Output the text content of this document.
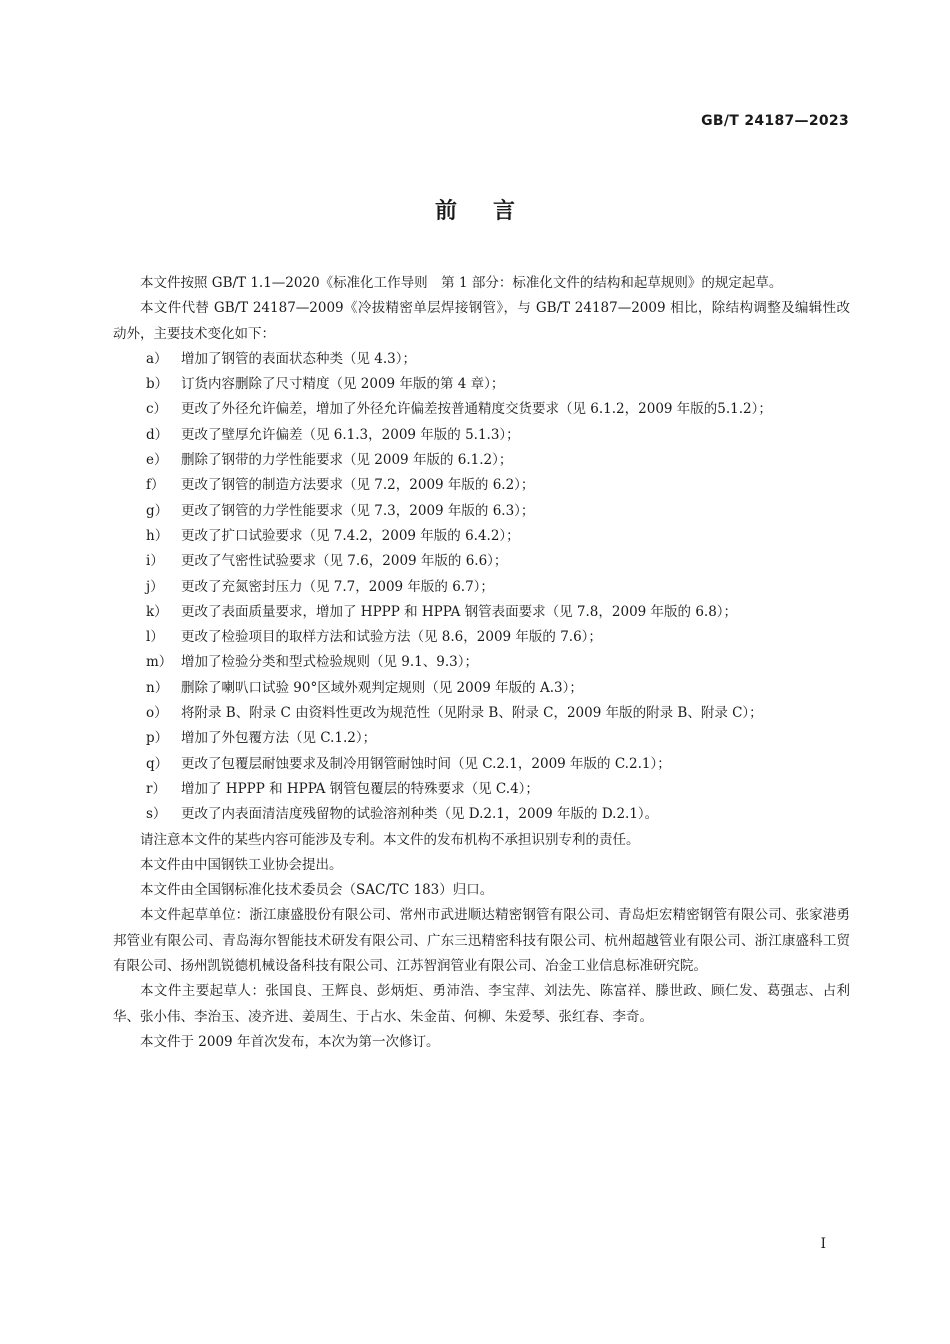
GB/T 24187—2023
前言

本文件按照 GB/T 1.1—2020《标准化工作导则　第 1 部分：标准化文件的结构和起草规则》的规定起草。

本文件代替 GB/T 24187—2009《冷拔精密单层焊接钢管》，与 GB/T 24187—2009 相比，除结构调整及编辑性改动外，主要技术变化如下：

a） 增加了钢管的表面状态种类（见 4.3）；
b） 订货内容删除了尺寸精度（见 2009 年版的第 4 章）；
c）	更改了外径允许偏差，增加了外径允许偏差按普通精度交货要求（见 6.1.2，2009 年版的5.1.2）；
d） 更改了壁厚允许偏差（见 6.1.3，2009 年版的 5.1.3）；
e）	删除了钢带的力学性能要求（见 2009 年版的 6.1.2）；
f）	更改了钢管的制造方法要求（见 7.2，2009 年版的 6.2）；
g） 更改了钢管的力学性能要求（见 7.3，2009 年版的 6.3）；
h） 更改了扩口试验要求（见 7.4.2，2009 年版的 6.4.2）；
i）	更改了气密性试验要求（见 7.6，2009 年版的 6.6）；
j）	更改了充氮密封压力（见 7.7，2009 年版的 6.7）；
k） 更改了表面质量要求，增加了 HPPP 和 HPPA 钢管表面要求（见 7.8，2009 年版的 6.8）；
l）	更改了检验项目的取样方法和试验方法（见 8.6，2009 年版的 7.6）；
m） 增加了检验分类和型式检验规则（见 9.1、9.3）；
n） 删除了喇叭口试验 90°区域外观判定规则（见 2009 年版的 A.3）；
o） 将附录 B、附录 C 由资料性更改为规范性（见附录 B、附录 C，2009 年版的附录 B、附录 C）；
p） 增加了外包覆方法（见 C.1.2）；
q） 更改了包覆层耐蚀要求及制冷用钢管耐蚀时间（见 C.2.1，2009 年版的 C.2.1）；
r）	增加了 HPPP 和 HPPA 钢管包覆层的特殊要求（见 C.4）；
s）	更改了内表面清洁度残留物的试验溶剂种类（见 D.2.1，2009 年版的 D.2.1）。

请注意本文件的某些内容可能涉及专利。本文件的发布机构不承担识别专利的责任。

本文件由中国钢铁工业协会提出。

本文件由全国钢标准化技术委员会（SAC/TC 183）归口。

本文件起草单位：浙江康盛股份有限公司、常州市武进顺达精密钢管有限公司、青岛炬宏精密钢管有限公司、张家港勇邦管业有限公司、青岛海尔智能技术研发有限公司、广东三迅精密科技有限公司、杭州超越管业有限公司、浙江康盛科工贸有限公司、扬州凯锐德机械设备科技有限公司、江苏智润管业有限公司、冶金工业信息标准研究院。

本文件主要起草人：张国良、王辉良、彭炳炬、勇沛浩、李宝萍、刘法先、陈富祥、滕世政、顾仁发、葛强志、占利华、张小伟、李治玉、凌齐进、姜周生、于占水、朱金苗、何柳、朱爱琴、张红春、李奇。

本文件于 2009 年首次发布，本次为第一次修订。

I
